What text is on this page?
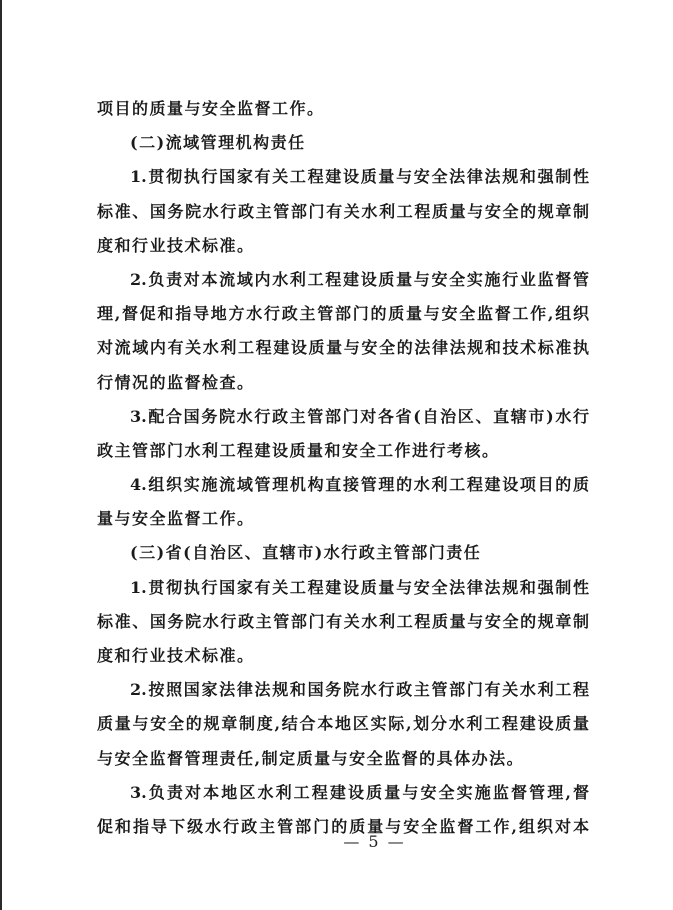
项目的质量与安全监督工作。
(二)流域管理机构责任
1.贯彻执行国家有关工程建设质量与安全法律法规和强制性
标准、国务院水行政主管部门有关水利工程质量与安全的规章制
度和行业技术标准。
2.负责对本流域内水利工程建设质量与安全实施行业监督管
理,督促和指导地方水行政主管部门的质量与安全监督工作,组织
对流域内有关水利工程建设质量与安全的法律法规和技术标准执
行情况的监督检查。
3.配合国务院水行政主管部门对各省(自治区、直辖市)水行
政主管部门水利工程建设质量和安全工作进行考核。
4.组织实施流域管理机构直接管理的水利工程建设项目的质
量与安全监督工作。
(三)省(自治区、直辖市)水行政主管部门责任
1.贯彻执行国家有关工程建设质量与安全法律法规和强制性
标准、国务院水行政主管部门有关水利工程质量与安全的规章制
度和行业技术标准。
2.按照国家法律法规和国务院水行政主管部门有关水利工程
质量与安全的规章制度,结合本地区实际,划分水利工程建设质量
与安全监督管理责任,制定质量与安全监督的具体办法。
3.负责对本地区水利工程建设质量与安全实施监督管理,督
促和指导下级水行政主管部门的质量与安全监督工作,组织对本
— 5 —
